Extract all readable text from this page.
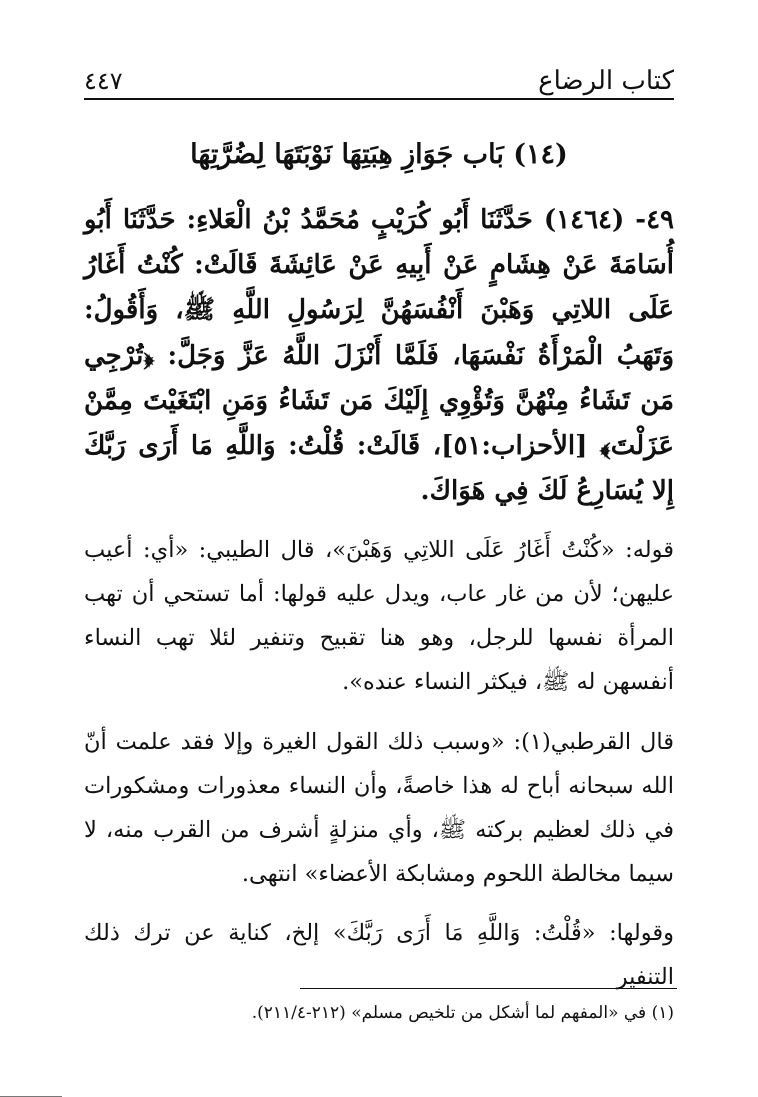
كتاب الرضاع
٤٤٧
(١٤) بَاب جَوَازِ هِبَتِهَا نَوْبَتَهَا لِضُرَّتِهَا
٤٩- (١٤٦٤) حَدَّثَنَا أَبُو كُرَيْبٍ مُحَمَّدُ بْنُ الْعَلاءِ: حَدَّثَنَا أَبُو أُسَامَةَ عَنْ هِشَامٍ عَنْ أَبِيهِ عَنْ عَائِشَةَ قَالَتْ: كُنْتُ أَغَارُ عَلَى اللاتِي وَهَبْنَ أَنْفُسَهُنَّ لِرَسُولِ اللَّهِ ﷺ، وَأَقُولُ: وَتَهَبُ الْمَرْأَةُ نَفْسَهَا، فَلَمَّا أَنْزَلَ اللَّهُ عَزَّ وَجَلَّ: ﴿تُرْجِي مَن تَشَاءُ مِنْهُنَّ وَتُؤْوِي إِلَيْكَ مَن تَشَاءُ وَمَنِ ابْتَغَيْتَ مِمَّنْ عَزَلْتَ﴾ [الأحزاب:٥١]، قَالَتْ: قُلْتُ: وَاللَّهِ مَا أَرَى رَبَّكَ إِلا يُسَارِعُ لَكَ فِي هَوَاكَ.
قوله: «كُنْتُ أَغَارُ عَلَى اللاتِي وَهَبْنَ»، قال الطيبي: «أي: أعيب عليهن؛ لأن من غار عاب، ويدل عليه قولها: أما تستحي أن تهب المرأة نفسها للرجل، وهو هنا تقبيح وتنفير لئلا تهب النساء أنفسهن له ﷺ، فيكثر النساء عنده».
قال القرطبي(١): «وسبب ذلك القول الغيرة وإلا فقد علمت أنّ الله سبحانه أباح له هذا خاصةً، وأن النساء معذورات ومشكورات في ذلك لعظيم بركته ﷺ، وأي منزلةٍ أشرف من القرب منه، لا سيما مخالطة اللحوم ومشابكة الأعضاء» انتهى.
وقولها: «قُلْتُ: وَاللَّهِ مَا أَرَى رَبَّكَ» إلخ، كناية عن ترك ذلك التنفير
(١) في «المفهم لما أشكل من تلخيص مسلم» (٢١٢-٢١١/٤).
